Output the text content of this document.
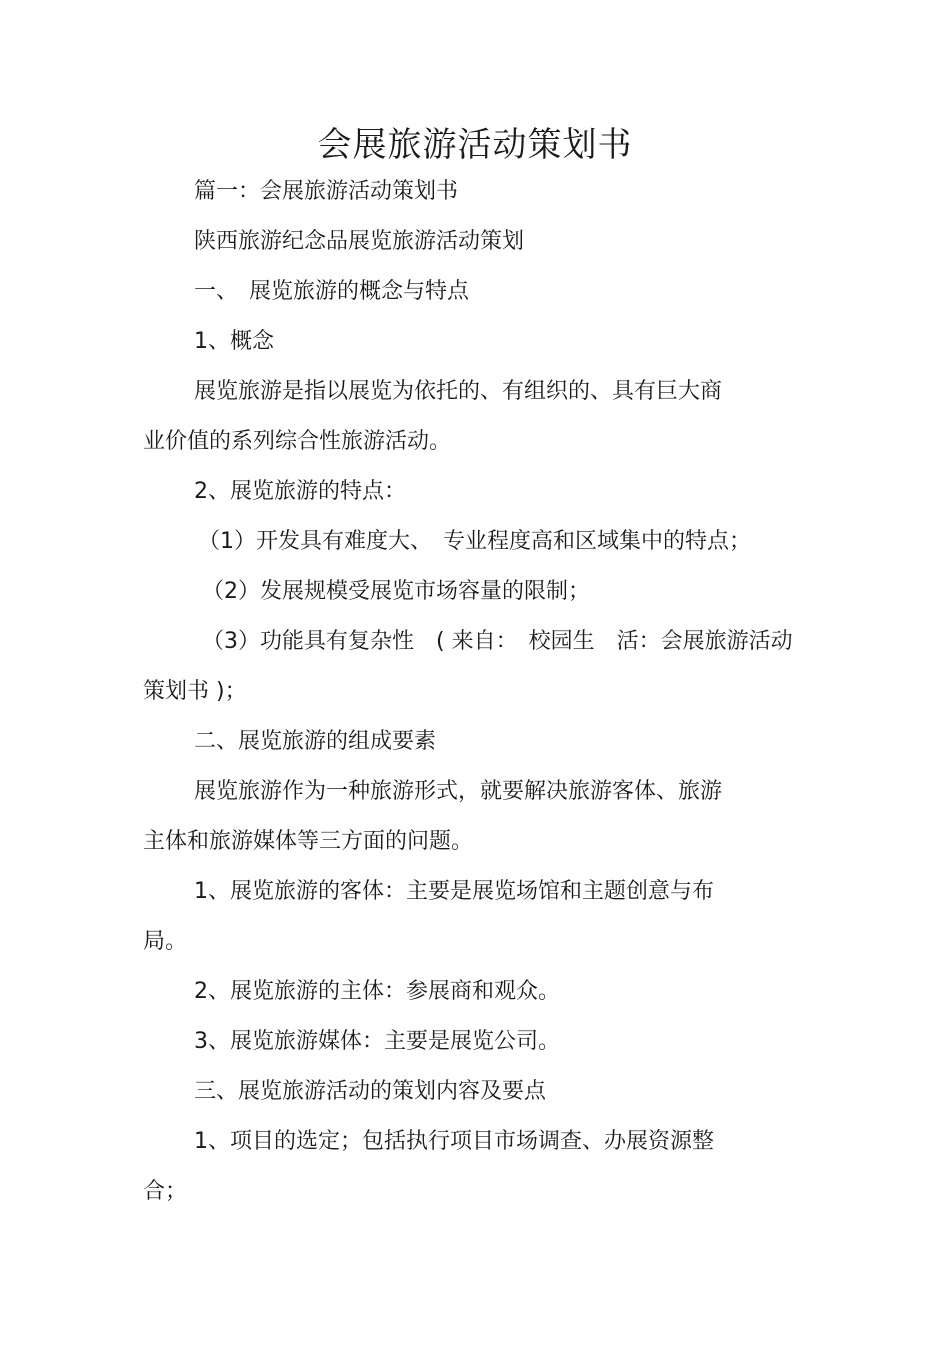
会展旅游活动策划书
篇一：会展旅游活动策划书
陕西旅游纪念品展览旅游活动策划
一、　展览旅游的概念与特点
1、概念
展览旅游是指以展览为依托的、有组织的、具有巨大商
业价值的系列综合性旅游活动。
2、展览旅游的特点：
（1）开发具有难度大、　专业程度高和区域集中的特点；
（2）发展规模受展览市场容量的限制；
（3）功能具有复杂性　( 来自：　校园生　活：会展旅游活动
策划书 )；
二、展览旅游的组成要素
展览旅游作为一种旅游形式，就要解决旅游客体、旅游
主体和旅游媒体等三方面的问题。
1、展览旅游的客体：主要是展览场馆和主题创意与布
局。
2、展览旅游的主体：参展商和观众。
3、展览旅游媒体：主要是展览公司。
三、展览旅游活动的策划内容及要点
1、项目的选定；包括执行项目市场调查、办展资源整
合；
